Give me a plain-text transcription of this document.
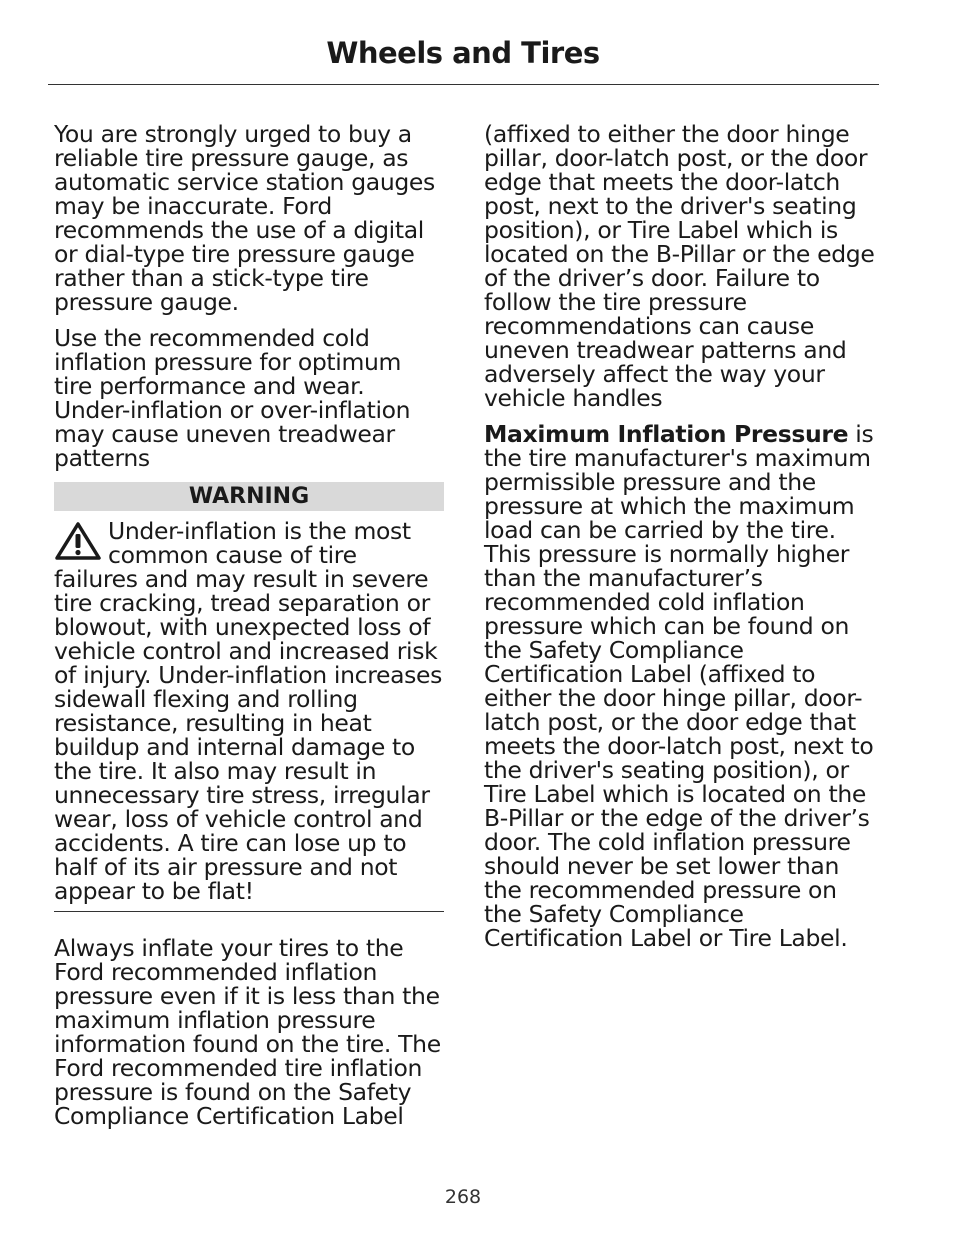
Wheels and Tires

You are strongly urged to buy a reliable tire pressure gauge, as automatic service station gauges may be inaccurate. Ford recommends the use of a digital or dial-type tire pressure gauge rather than a stick-type tire pressure gauge.

Use the recommended cold inflation pressure for optimum tire performance and wear. Under-inflation or over-inflation may cause uneven treadwear patterns

WARNING
Under-inflation is the most common cause of tire failures and may result in severe tire cracking, tread separation or blowout, with unexpected loss of vehicle control and increased risk of injury. Under-inflation increases sidewall flexing and rolling resistance, resulting in heat buildup and internal damage to the tire. It also may result in unnecessary tire stress, irregular wear, loss of vehicle control and accidents. A tire can lose up to half of its air pressure and not appear to be flat!

Always inflate your tires to the Ford recommended inflation pressure even if it is less than the maximum inflation pressure information found on the tire. The Ford recommended tire inflation pressure is found on the Safety Compliance Certification Label

(affixed to either the door hinge pillar, door-latch post, or the door edge that meets the door-latch post, next to the driver's seating position), or Tire Label which is located on the B-Pillar or the edge of the driver’s door. Failure to follow the tire pressure recommendations can cause uneven treadwear patterns and adversely affect the way your vehicle handles

Maximum Inflation Pressure is the tire manufacturer's maximum permissible pressure and the pressure at which the maximum load can be carried by the tire. This pressure is normally higher than the manufacturer’s recommended cold inflation pressure which can be found on the Safety Compliance Certification Label (affixed to either the door hinge pillar, door-latch post, or the door edge that meets the door-latch post, next to the driver's seating position), or Tire Label which is located on the B-Pillar or the edge of the driver’s door. The cold inflation pressure should never be set lower than the recommended pressure on the Safety Compliance Certification Label or Tire Label.

268
